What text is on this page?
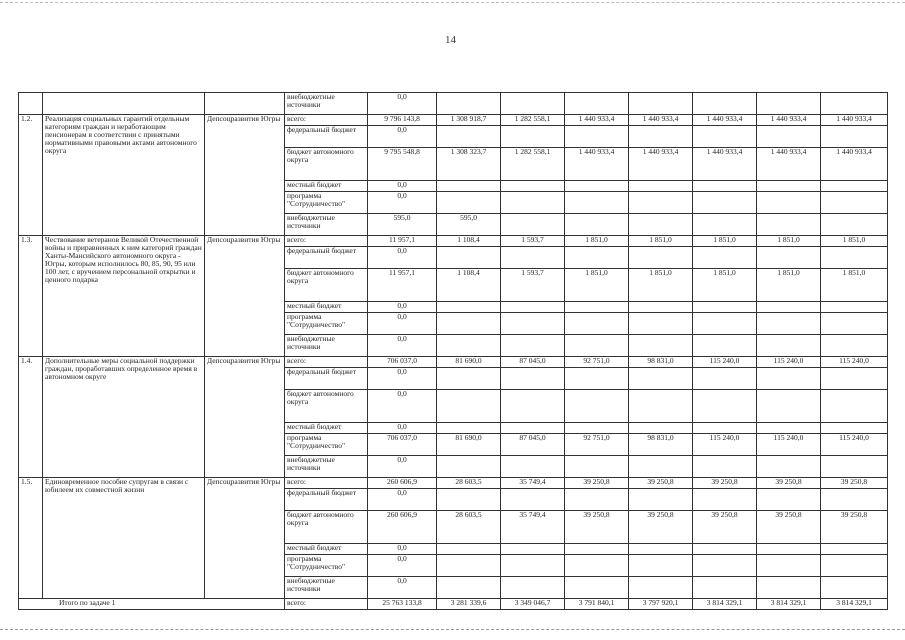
14
			внебюджетные источники	0,0							
1.2.	Реализация социальных гарантий отдельным категориям граждан и неработающим пенсионерам в соответствии с принятыми нормативными правовыми актами автономного округа	Депсоцразвития Югры	всего:	9 796 143,8	1 308 918,7	1 282 558,1	1 440 933,4	1 440 933,4	1 440 933,4	1 440 933,4	1 440 933,4
			федеральный бюджет	0,0							
			бюджет автономного округа	9 795 548,8	1 308 323,7	1 282 558,1	1 440 933,4	1 440 933,4	1 440 933,4	1 440 933,4	1 440 933,4
			местный бюджет	0,0							
			программа "Сотрудничество"	0,0							
			внебюджетные источники	595,0	595,0						
1.3.	Чествование ветеранов Великой Отечественной войны и приравненных к ним категорий граждан Ханты-Мансийского автономного округа - Югры, которым исполнилось 80, 85, 90, 95 или 100 лет, с вручением персональной открытки и ценного подарка	Депсоцразвития Югры	всего:	11 957,1	1 108,4	1 593,7	1 851,0	1 851,0	1 851,0	1 851,0	1 851,0
			федеральный бюджет	0,0							
			бюджет автономного округа	11 957,1	1 108,4	1 593,7	1 851,0	1 851,0	1 851,0	1 851,0	1 851,0
			местный бюджет	0,0							
			программа "Сотрудничество"	0,0							
			внебюджетные источники	0,0							
1.4.	Дополнительные меры социальной поддержки граждан, проработавших определенное время в автономном округе	Депсоцразвития Югры	всего:	706 037,0	81 690,0	87 045,0	92 751,0	98 831,0	115 240,0	115 240,0	115 240,0
			федеральный бюджет	0,0							
			бюджет автономного округа	0,0							
			местный бюджет	0,0							
			программа "Сотрудничество"	706 037,0	81 690,0	87 045,0	92 751,0	98 831,0	115 240,0	115 240,0	115 240,0
			внебюджетные источники	0,0							
1.5.	Единовременное пособие супругам в связи с юбилеем их совместной жизни	Депсоцразвития Югры	всего:	260 606,9	28 603,5	35 749,4	39 250,8	39 250,8	39 250,8	39 250,8	39 250,8
			федеральный бюджет	0,0							
			бюджет автономного округа	260 606,9	28 603,5	35 749,4	39 250,8	39 250,8	39 250,8	39 250,8	39 250,8
			местный бюджет	0,0							
			программа "Сотрудничество"	0,0							
			внебюджетные источники	0,0							
Итого по задаче 1			всего:	25 763 133,8	3 281 339,6	3 349 046,7	3 791 840,1	3 797 920,1	3 814 329,1	3 814 329,1	3 814 329,1
